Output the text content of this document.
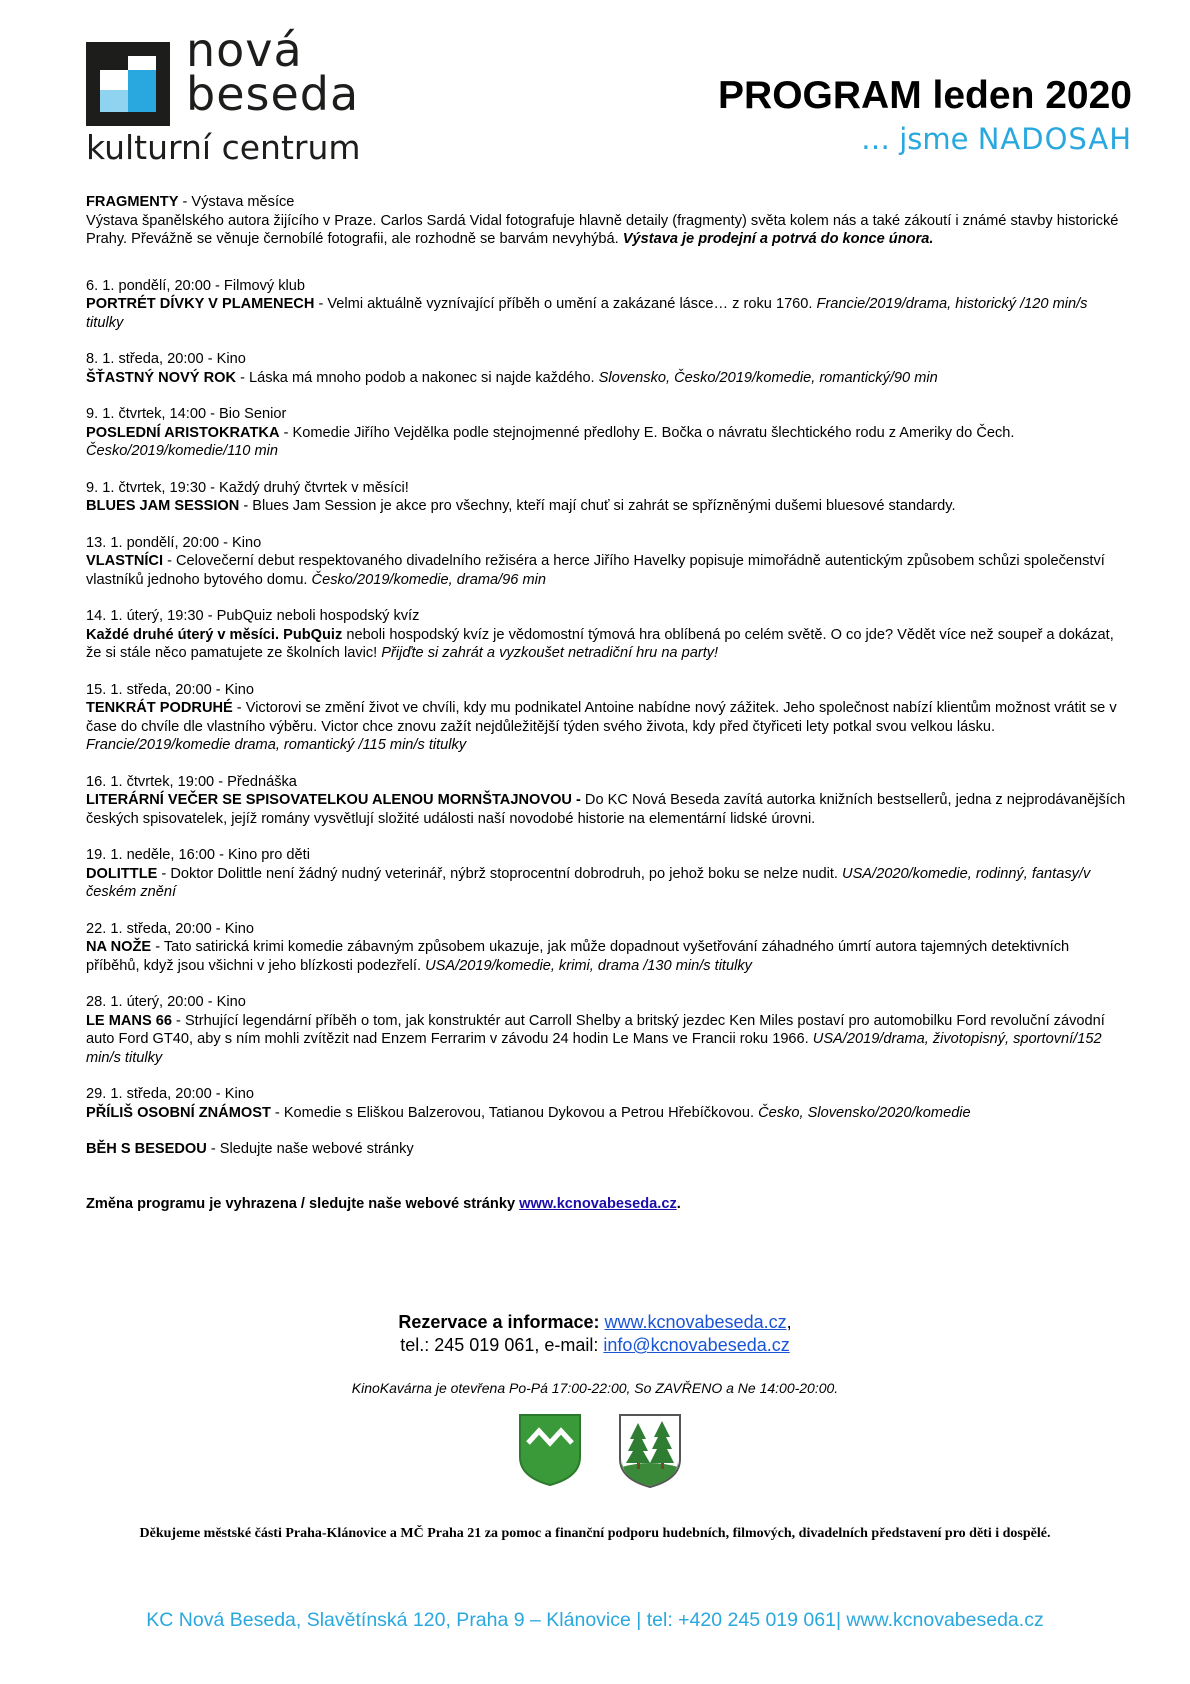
nová
beseda
kulturní centrum
PROGRAM leden 2020
… jsme NADOSAH

FRAGMENTY - Výstava měsíce
Výstava španělského autora žijícího v Praze. Carlos Sardá Vidal fotografuje hlavně detaily (fragmenty) světa kolem nás a také zákoutí i známé stavby historické Prahy. Převážně se věnuje černobílé fotografii, ale rozhodně se barvám nevyhýbá. Výstava je prodejní a potrvá do konce února.

6. 1. pondělí, 20:00 - Filmový klub
PORTRÉT DÍVKY V PLAMENECH - Velmi aktuálně vyznívající příběh o umění a zakázané lásce… z roku 1760. Francie/2019/drama, historický /120 min/s titulky

8. 1. středa, 20:00 - Kino
ŠŤASTNÝ NOVÝ ROK - Láska má mnoho podob a nakonec si najde každého. Slovensko, Česko/2019/komedie, romantický/90 min

9. 1. čtvrtek, 14:00 - Bio Senior
POSLEDNÍ ARISTOKRATKA - Komedie Jiřího Vejdělka podle stejnojmenné předlohy E. Bočka o návratu šlechtického rodu z Ameriky do Čech. Česko/2019/komedie/110 min

9. 1. čtvrtek, 19:30 - Každý druhý čtvrtek v měsíci!
BLUES JAM SESSION - Blues Jam Session je akce pro všechny, kteří mají chuť si zahrát se spřízněnými dušemi bluesové standardy.

13. 1. pondělí, 20:00 - Kino
VLASTNÍCI - Celovečerní debut respektovaného divadelního režiséra a herce Jiřího Havelky popisuje mimořádně autentickým způsobem schůzi společenství vlastníků jednoho bytového domu. Česko/2019/komedie, drama/96 min

14. 1. úterý, 19:30 - PubQuiz neboli hospodský kvíz
Každé druhé úterý v měsíci. PubQuiz neboli hospodský kvíz je vědomostní týmová hra oblíbená po celém světě. O co jde? Vědět více než soupeř a dokázat, že si stále něco pamatujete ze školních lavic! Přijďte si zahrát a vyzkoušet netradiční hru na party!

15. 1. středa, 20:00 - Kino
TENKRÁT PODRUHÉ - Victorovi se změní život ve chvíli, kdy mu podnikatel Antoine nabídne nový zážitek. Jeho společnost nabízí klientům možnost vrátit se v čase do chvíle dle vlastního výběru. Victor chce znovu zažít nejdůležitější týden svého života, kdy před čtyřiceti lety potkal svou velkou lásku. Francie/2019/komedie drama, romantický /115 min/s titulky

16. 1. čtvrtek, 19:00 - Přednáška
LITERÁRNÍ VEČER SE SPISOVATELKOU ALENOU MORNŠTAJNOVOU - Do KC Nová Beseda zavítá autorka knižních bestsellerů, jedna z nejprodávanějších českých spisovatelek, jejíž romány vysvětlují složité události naší novodobé historie na elementární lidské úrovni.

19. 1. neděle, 16:00 - Kino pro děti
DOLITTLE - Doktor Dolittle není žádný nudný veterinář, nýbrž stoprocentní dobrodruh, po jehož boku se nelze nudit. USA/2020/komedie, rodinný, fantasy/v českém znění

22. 1. středa, 20:00 - Kino
NA NOŽE - Tato satirická krimi komedie zábavným způsobem ukazuje, jak může dopadnout vyšetřování záhadného úmrtí autora tajemných detektivních příběhů, když jsou všichni v jeho blízkosti podezřelí. USA/2019/komedie, krimi, drama /130 min/s titulky

28. 1. úterý, 20:00 - Kino
LE MANS 66 - Strhující legendární příběh o tom, jak konstruktér aut Carroll Shelby a britský jezdec Ken Miles postaví pro automobilku Ford revoluční závodní auto Ford GT40, aby s ním mohli zvítězit nad Enzem Ferrarim v závodu 24 hodin Le Mans ve Francii roku 1966. USA/2019/drama, životopisný, sportovní/152 min/s titulky

29. 1. středa, 20:00 - Kino
PŘÍLIŠ OSOBNÍ ZNÁMOST - Komedie s Eliškou Balzerovou, Tatianou Dykovou a Petrou Hřebíčkovou. Česko, Slovensko/2020/komedie

BĚH S BESEDOU - Sledujte naše webové stránky

Změna programu je vyhrazena / sledujte naše webové stránky www.kcnovabeseda.cz.

Rezervace a informace: www.kcnovabeseda.cz,
tel.: 245 019 061, e-mail: info@kcnovabeseda.cz
KinoKavárna je otevřena Po-Pá 17:00-22:00, So ZAVŘENO a Ne 14:00-20:00.
Děkujeme městské části Praha-Klánovice a MČ Praha 21 za pomoc a finanční podporu hudebních, filmových, divadelních představení pro děti i dospělé.
KC Nová Beseda, Slavětínská 120, Praha 9 – Klánovice | tel: +420 245 019 061| www.kcnovabeseda.cz
